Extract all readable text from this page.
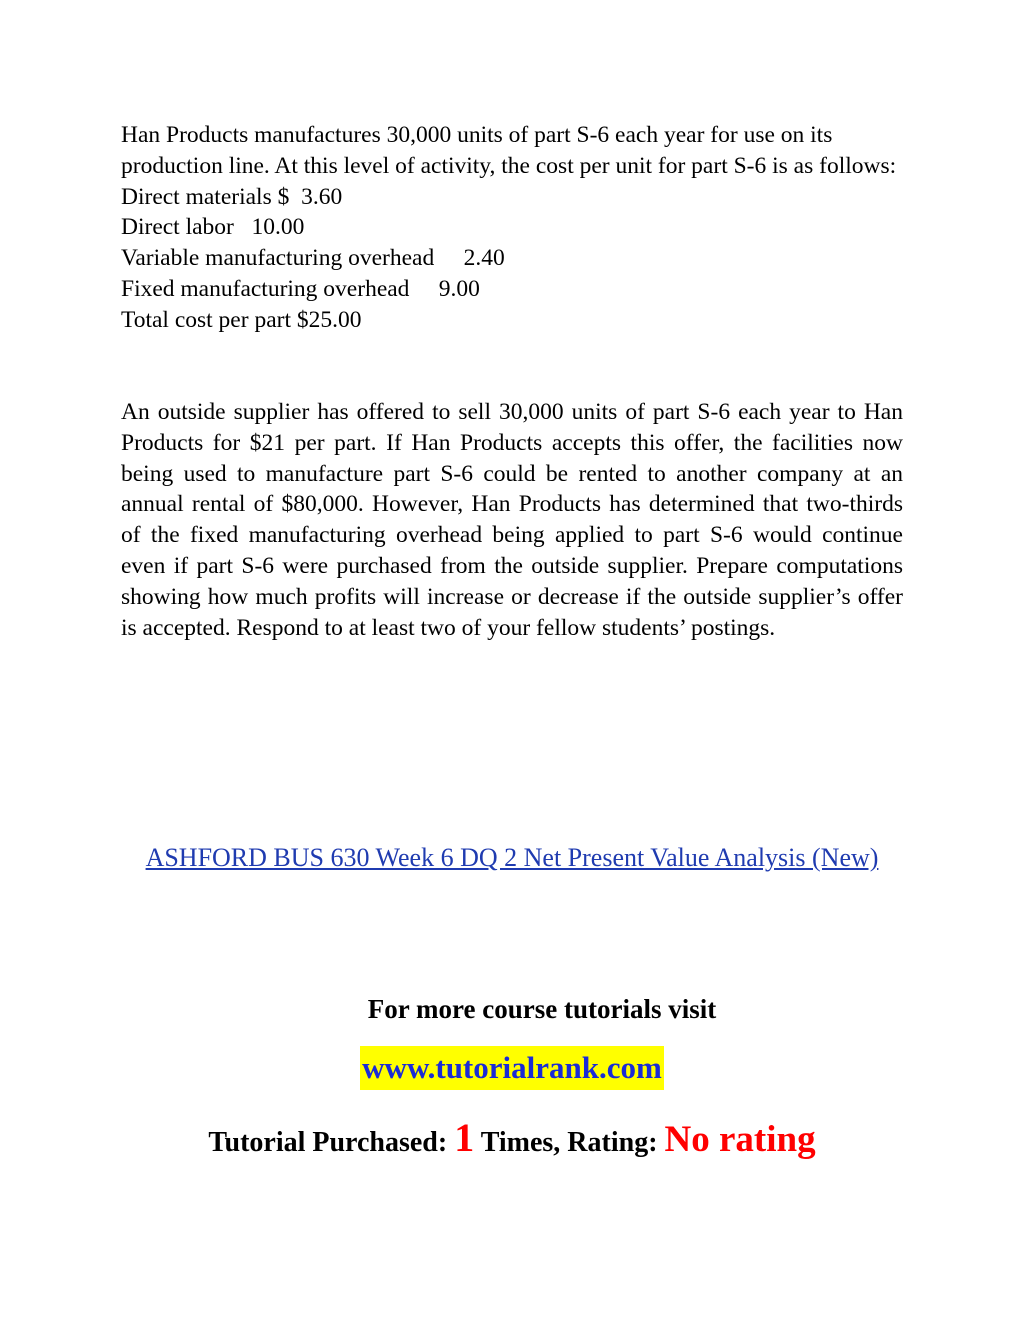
Han Products manufactures 30,000 units of part S-6 each year for use on its production line. At this level of activity, the cost per unit for part S-6 is as follows:

Direct materials $  3.60
Direct labor   10.00
Variable manufacturing overhead     2.40
Fixed manufacturing overhead     9.00
Total cost per part $25.00
An outside supplier has offered to sell 30,000 units of part S-6 each year to Han Products for $21 per part. If Han Products accepts this offer, the facilities now being used to manufacture part S-6 could be rented to another company at an annual rental of $80,000. However, Han Products has determined that two-thirds of the fixed manufacturing overhead being applied to part S-6 would continue even if part S-6 were purchased from the outside supplier. Prepare computations showing how much profits will increase or decrease if the outside supplier’s offer is accepted. Respond to at least two of your fellow students’ postings.
ASHFORD BUS 630 Week 6 DQ 2 Net Present Value Analysis (New)
For more course tutorials visit
www.tutorialrank.com
Tutorial Purchased: 1 Times, Rating: No rating
